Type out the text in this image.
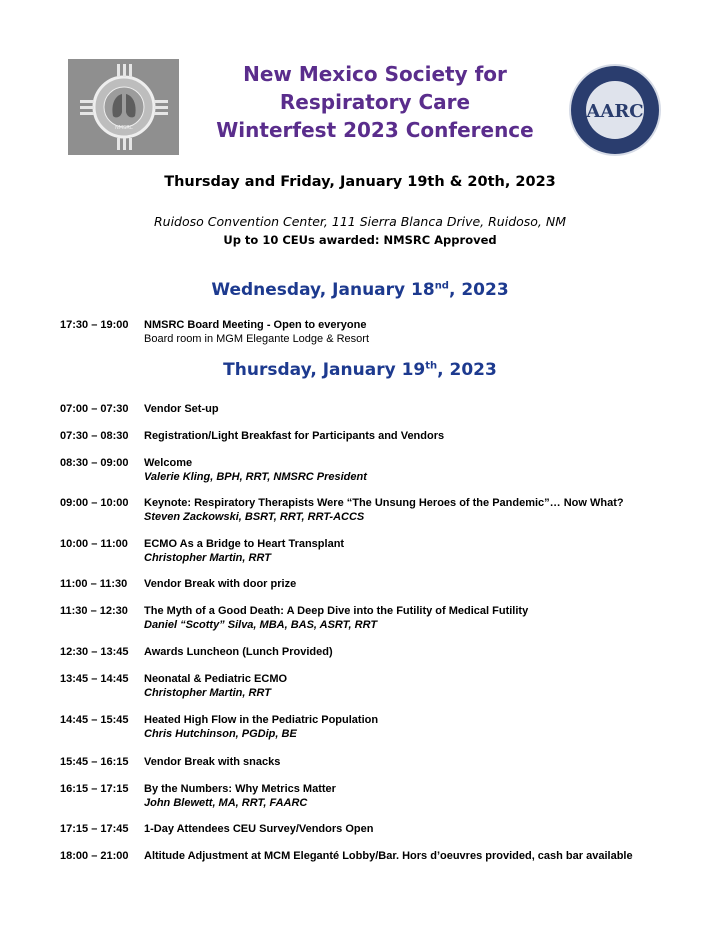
NMSRC
AARC
New Mexico Society for
Respiratory Care
Winterfest 2023 Conference
Thursday and Friday, January 19th & 20th, 2023
Ruidoso Convention Center, 111 Sierra Blanca Drive, Ruidoso, NM
Up to 10 CEUs awarded: NMSRC Approved
Wednesday, January 18nd, 2023
17:30 – 19:00	NMSRC Board Meeting - Open to everyone
Board room in MGM Elegante Lodge & Resort
Thursday, January 19th, 2023
07:00 – 07:30	Vendor Set-up
07:30 – 08:30	Registration/Light Breakfast for Participants and Vendors
08:30 – 09:00	Welcome
Valerie Kling, BPH, RRT, NMSRC President
09:00 – 10:00	Keynote: Respiratory Therapists Were “The Unsung Heroes of the Pandemic”… Now What?
Steven Zackowski, BSRT, RRT, RRT-ACCS
10:00 – 11:00	ECMO As a Bridge to Heart Transplant
Christopher Martin, RRT
11:00 – 11:30	Vendor Break with door prize
11:30 – 12:30	The Myth of a Good Death: A Deep Dive into the Futility of Medical Futility
Daniel “Scotty” Silva, MBA, BAS, ASRT, RRT
12:30 – 13:45	Awards Luncheon (Lunch Provided)
13:45 – 14:45	Neonatal & Pediatric ECMO
Christopher Martin, RRT
14:45 – 15:45	Heated High Flow in the Pediatric Population
Chris Hutchinson, PGDip, BE
15:45 – 16:15	Vendor Break with snacks
16:15 – 17:15	By the Numbers: Why Metrics Matter
John Blewett, MA, RRT, FAARC
17:15 – 17:45	1-Day Attendees CEU Survey/Vendors Open
18:00 – 21:00	Altitude Adjustment at MCM Eleganté Lobby/Bar. Hors d’oeuvres provided, cash bar available
